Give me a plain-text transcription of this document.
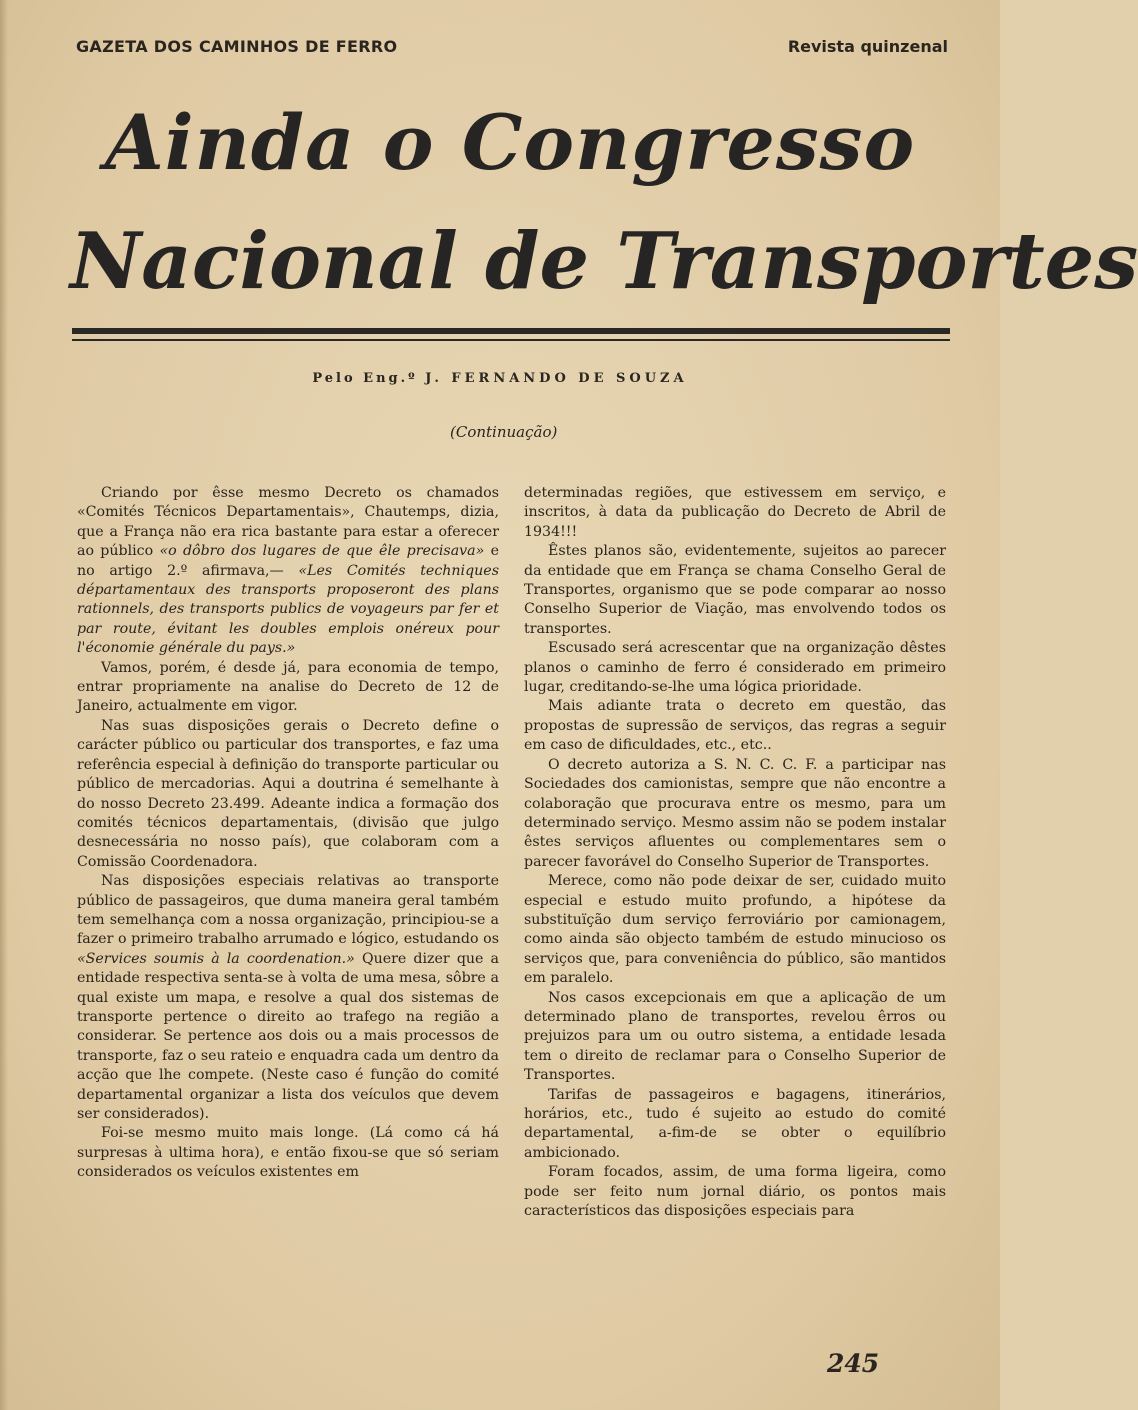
GAZETA DOS CAMINHOS DE FERRO	Revista quinzenal
Ainda o Congresso
Nacional de Transportes
Pelo Eng.º J. FERNANDO DE SOUZA
(Continuação)

Criando por êsse mesmo Decreto os chamados «Comités Técnicos Departamentais», Chautemps, dizia, que a França não era rica bastante para estar a oferecer ao público «o dôbro dos lugares de que êle precisava» e no artigo 2.º afirmava,— «Les Comités techniques départamentaux des transports proposeront des plans rationnels, des transports publics de voyageurs par fer et par route, évitant les doubles emplois onéreux pour l'économie générale du pays.»

Vamos, porém, é desde já, para economia de tempo, entrar propriamente na analise do Decreto de 12 de Janeiro, actualmente em vigor.

Nas suas disposições gerais o Decreto define o carácter público ou particular dos transportes, e faz uma referência especial à definição do transporte particular ou público de mercadorias. Aqui a doutrina é semelhante à do nosso Decreto 23.499. Adeante indica a formação dos comités técnicos departamentais, (divisão que julgo desnecessária no nosso país), que colaboram com a Comissão Coordenadora.

Nas disposições especiais relativas ao transporte público de passageiros, que duma maneira geral também tem semelhança com a nossa organização, principiou-se a fazer o primeiro trabalho arrumado e lógico, estudando os «Services soumis à la coordenation.» Quere dizer que a entidade respectiva senta-se à volta de uma mesa, sôbre a qual existe um mapa, e resolve a qual dos sistemas de transporte pertence o direito ao trafego na região a considerar. Se pertence aos dois ou a mais processos de transporte, faz o seu rateio e enquadra cada um dentro da acção que lhe compete. (Neste caso é função do comité departamental organizar a lista dos veículos que devem ser considerados).

Foi-se mesmo muito mais longe. (Lá como cá há surpresas à ultima hora), e então fixou-se que só seriam considerados os veículos existentes em

determinadas regiões, que estivessem em serviço, e inscritos, à data da publicação do Decreto de Abril de 1934!!!

Êstes planos são, evidentemente, sujeitos ao parecer da entidade que em França se chama Conselho Geral de Transportes, organismo que se pode comparar ao nosso Conselho Superior de Viação, mas envolvendo todos os transportes.

Escusado será acrescentar que na organização dêstes planos o caminho de ferro é considerado em primeiro lugar, creditando-se-lhe uma lógica prioridade.

Mais adiante trata o decreto em questão, das propostas de supressão de serviços, das regras a seguir em caso de dificuldades, etc., etc..

O decreto autoriza a S. N. C. C. F. a participar nas Sociedades dos camionistas, sempre que não encontre a colaboração que procurava entre os mesmo, para um determinado serviço. Mesmo assim não se podem instalar êstes serviços afluentes ou complementares sem o parecer favorável do Conselho Superior de Transportes.

Merece, como não pode deixar de ser, cuidado muito especial e estudo muito profundo, a hipótese da substituïção dum serviço ferroviário por camionagem, como ainda são objecto também de estudo minucioso os serviços que, para conveniência do público, são mantidos em paralelo.

Nos casos excepcionais em que a aplicação de um determinado plano de transportes, revelou êrros ou prejuizos para um ou outro sistema, a entidade lesada tem o direito de reclamar para o Conselho Superior de Transportes.

Tarifas de passageiros e bagagens, itinerários, horários, etc., tudo é sujeito ao estudo do comité departamental, a-fim-de se obter o equilíbrio ambicionado.

Foram focados, assim, de uma forma ligeira, como pode ser feito num jornal diário, os pontos mais característicos das disposições especiais para

245
